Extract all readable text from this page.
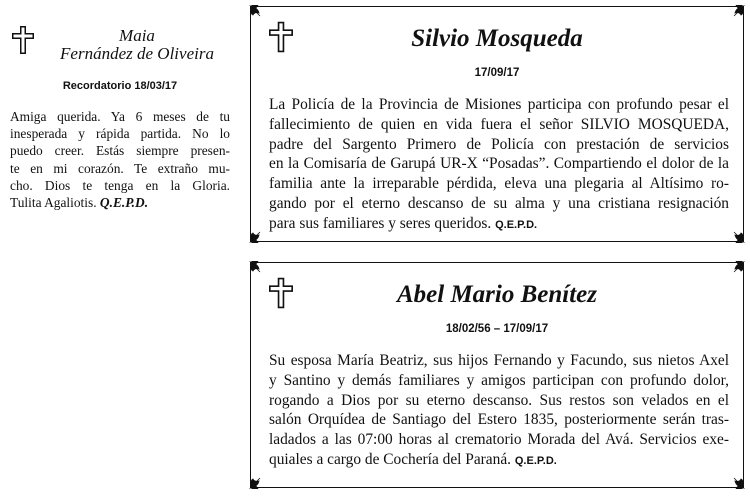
Maia
Fernández de Oliveira
Recordatorio 18/03/17
Amiga querida. Ya 6 meses de tu
inesperada y rápida partida. No lo
puedo creer. Estás siempre presen-
te en mi corazón. Te extraño mu-
cho. Dios te tenga en la Gloria.
Tulita Agaliotis. Q.E.P.D.
Silvio Mosqueda
17/09/17
La Policía de la Provincia de Misiones participa con profundo pesar el
fallecimiento de quien en vida fuera el señor SILVIO MOSQUEDA,
padre del Sargento Primero de Policía con prestación de servicios
en la Comisaría de Garupá UR-X “Posadas”. Compartiendo el dolor de la
familia ante la irreparable pérdida, eleva una plegaria al Altísimo ro-
gando por el eterno descanso de su alma y una cristiana resignación
para sus familiares y seres queridos. Q.E.P.D.
Abel Mario Benítez
18/02/56 – 17/09/17
Su esposa María Beatriz, sus hijos Fernando y Facundo, sus nietos Axel
y Santino y demás familiares y amigos participan con profundo dolor,
rogando a Dios por su eterno descanso. Sus restos son velados en el
salón Orquídea de Santiago del Estero 1835, posteriormente serán tras-
ladados a las 07:00 horas al crematorio Morada del Avá. Servicios exe-
quiales a cargo de Cochería del Paraná. Q.E.P.D.
